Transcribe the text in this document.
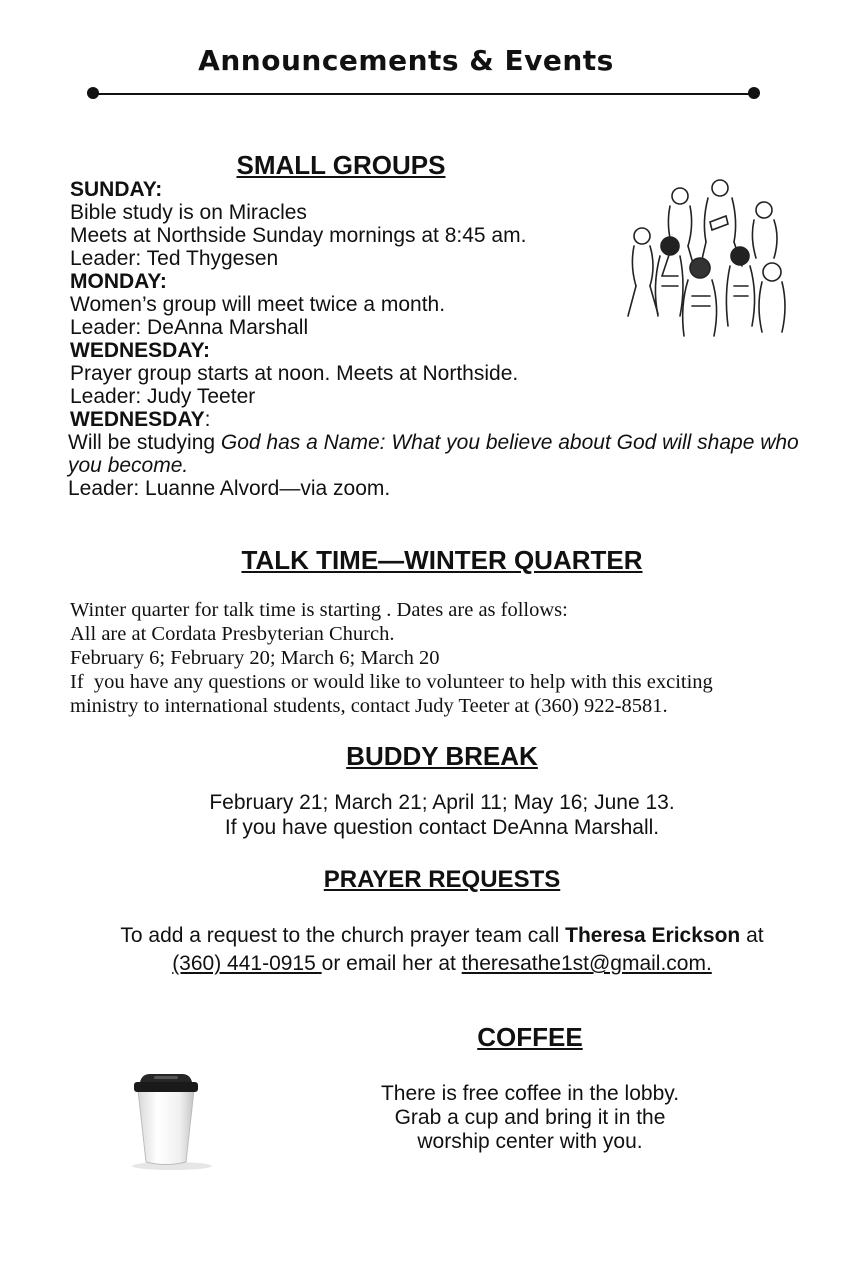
Announcements & Events

SMALL GROUPS

SUNDAY:
Bible study is on Miracles
Meets at Northside Sunday mornings at 8:45 am.
Leader: Ted Thygesen
MONDAY:
Women’s group will meet twice a month.
Leader: DeAnna Marshall
WEDNESDAY:
Prayer group starts at noon. Meets at Northside.
Leader: Judy Teeter
WEDNESDAY:
Will be studying God has a Name: What you believe about God will shape who you become.
Leader: Luanne Alvord—via zoom.

TALK TIME—WINTER QUARTER

Winter quarter for talk time is starting . Dates are as follows:
All are at Cordata Presbyterian Church.
February 6; February 20; March 6; March 20
If  you have any questions or would like to volunteer to help with this exciting
ministry to international students, contact Judy Teeter at (360) 922-8581.

BUDDY BREAK

February 21; March 21; April 11; May 16; June 13.
If you have question contact DeAnna Marshall.

PRAYER REQUESTS

To add a request to the church prayer team call Theresa Erickson at
(360) 441-0915 or email her at theresathe1st@gmail.com.

COFFEE

There is free coffee in the lobby.
Grab a cup and bring it in the
worship center with you.
